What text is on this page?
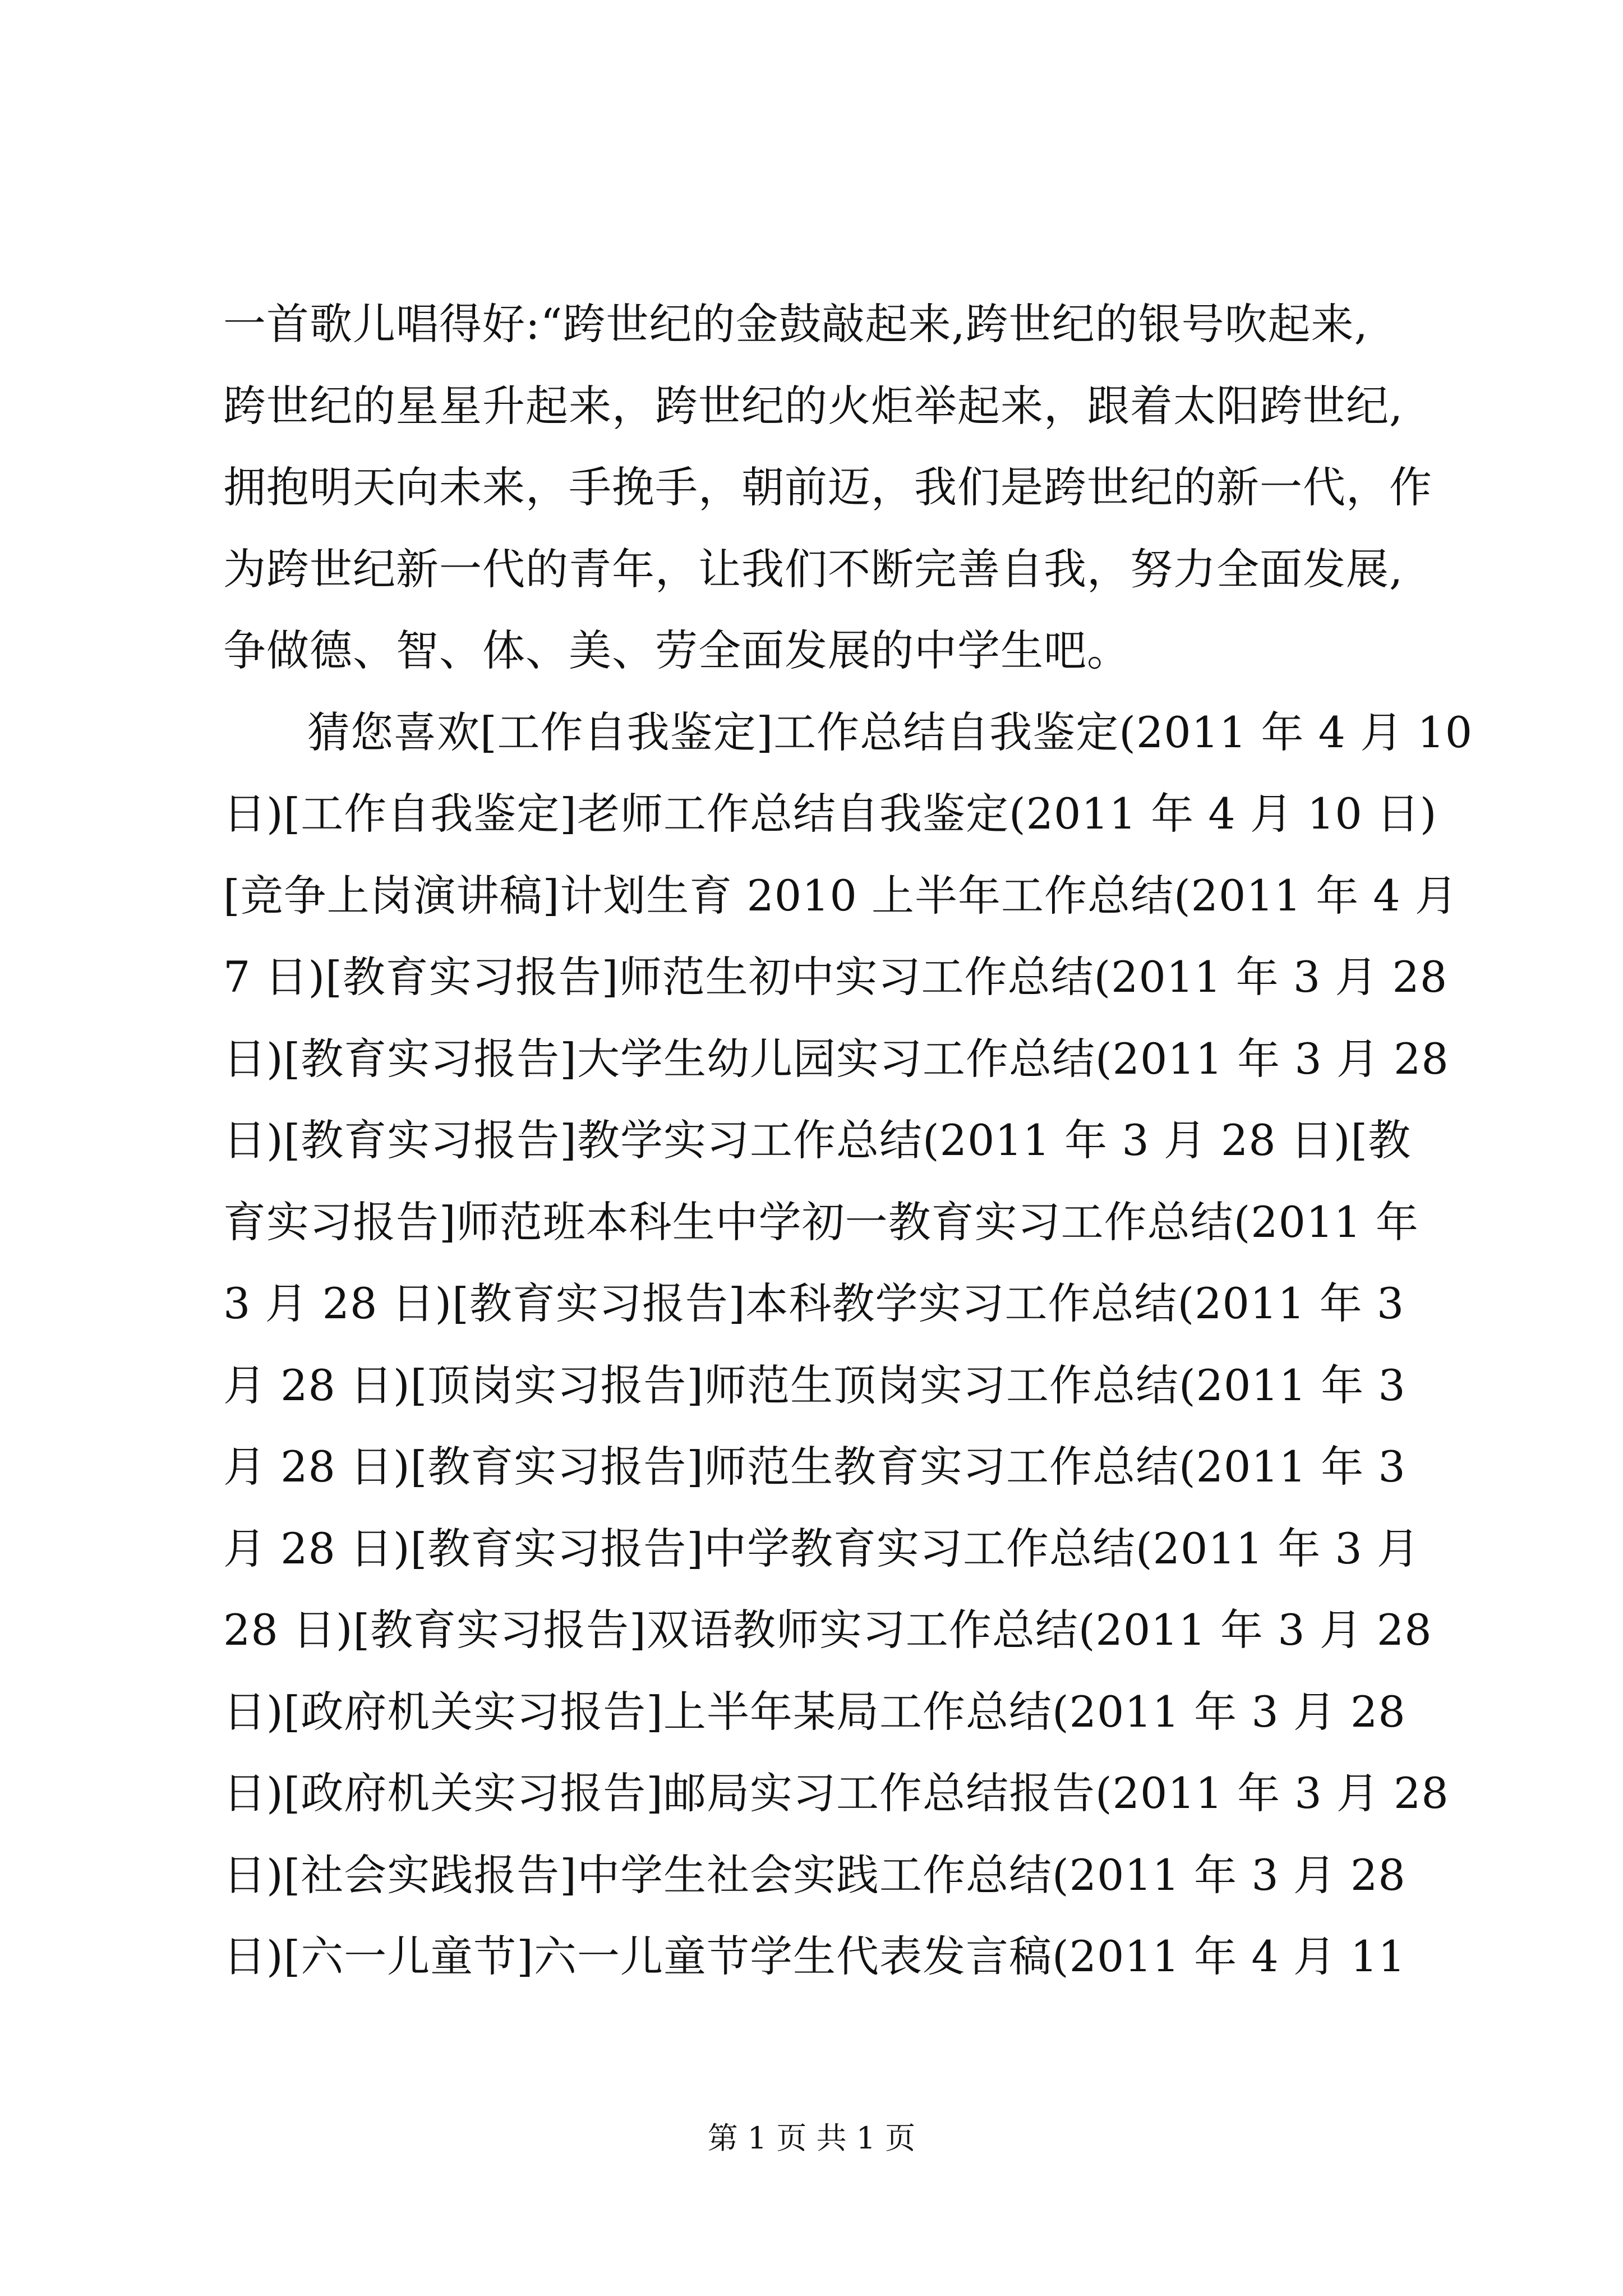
一首歌儿唱得好:“跨世纪的金鼓敲起来,跨世纪的银号吹起来,
跨世纪的星星升起来，跨世纪的火炬举起来，跟着太阳跨世纪,
拥抱明天向未来，手挽手，朝前迈，我们是跨世纪的新一代，作
为跨世纪新一代的青年，让我们不断完善自我，努力全面发展,
争做德、智、体、美、劳全面发展的中学生吧。
猜您喜欢[工作自我鉴定]工作总结自我鉴定(2011 年 4 月 10
日)[工作自我鉴定]老师工作总结自我鉴定(2011 年 4 月 10 日)
[竞争上岗演讲稿]计划生育 2010 上半年工作总结(2011 年 4 月
7 日)[教育实习报告]师范生初中实习工作总结(2011 年 3 月 28
日)[教育实习报告]大学生幼儿园实习工作总结(2011 年 3 月 28
日)[教育实习报告]教学实习工作总结(2011 年 3 月 28 日)[教
育实习报告]师范班本科生中学初一教育实习工作总结(2011 年
3 月 28 日)[教育实习报告]本科教学实习工作总结(2011 年 3
月 28 日)[顶岗实习报告]师范生顶岗实习工作总结(2011 年 3
月 28 日)[教育实习报告]师范生教育实习工作总结(2011 年 3
月 28 日)[教育实习报告]中学教育实习工作总结(2011 年 3 月
28 日)[教育实习报告]双语教师实习工作总结(2011 年 3 月 28
日)[政府机关实习报告]上半年某局工作总结(2011 年 3 月 28
日)[政府机关实习报告]邮局实习工作总结报告(2011 年 3 月 28
日)[社会实践报告]中学生社会实践工作总结(2011 年 3 月 28
日)[六一儿童节]六一儿童节学生代表发言稿(2011 年 4 月 11
第 1 页 共 1 页
